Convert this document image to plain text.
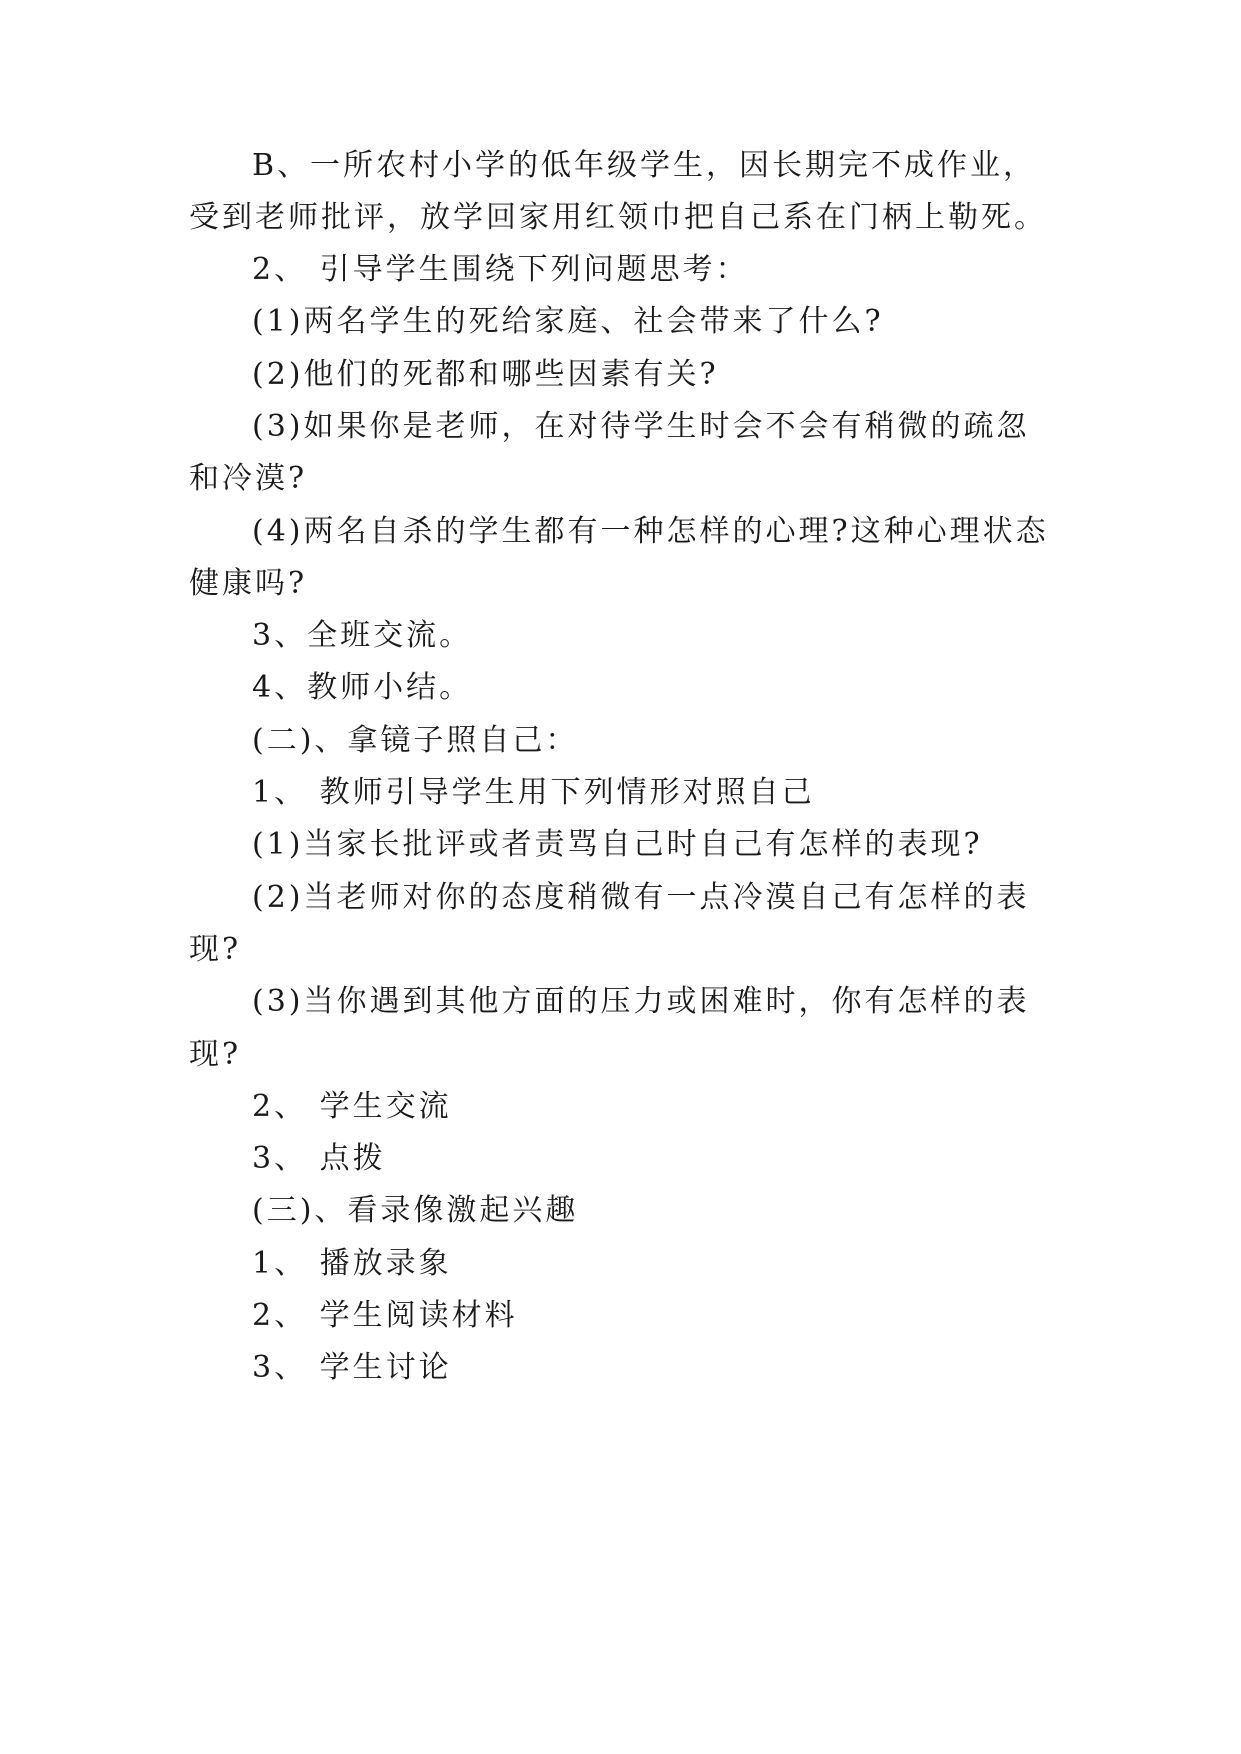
B、一所农村小学的低年级学生，因长期完不成作业，
受到老师批评，放学回家用红领巾把自己系在门柄上勒死。
2、 引导学生围绕下列问题思考：
(1)两名学生的死给家庭、社会带来了什么?
(2)他们的死都和哪些因素有关?
(3)如果你是老师，在对待学生时会不会有稍微的疏忽
和冷漠?
(4)两名自杀的学生都有一种怎样的心理?这种心理状态
健康吗?
3、全班交流。
4、教师小结。
(二)、拿镜子照自己：
1、 教师引导学生用下列情形对照自己
(1)当家长批评或者责骂自己时自己有怎样的表现?
(2)当老师对你的态度稍微有一点冷漠自己有怎样的表
现?
(3)当你遇到其他方面的压力或困难时，你有怎样的表
现?
2、 学生交流
3、 点拨
(三)、看录像激起兴趣
1、 播放录象
2、 学生阅读材料
3、 学生讨论
